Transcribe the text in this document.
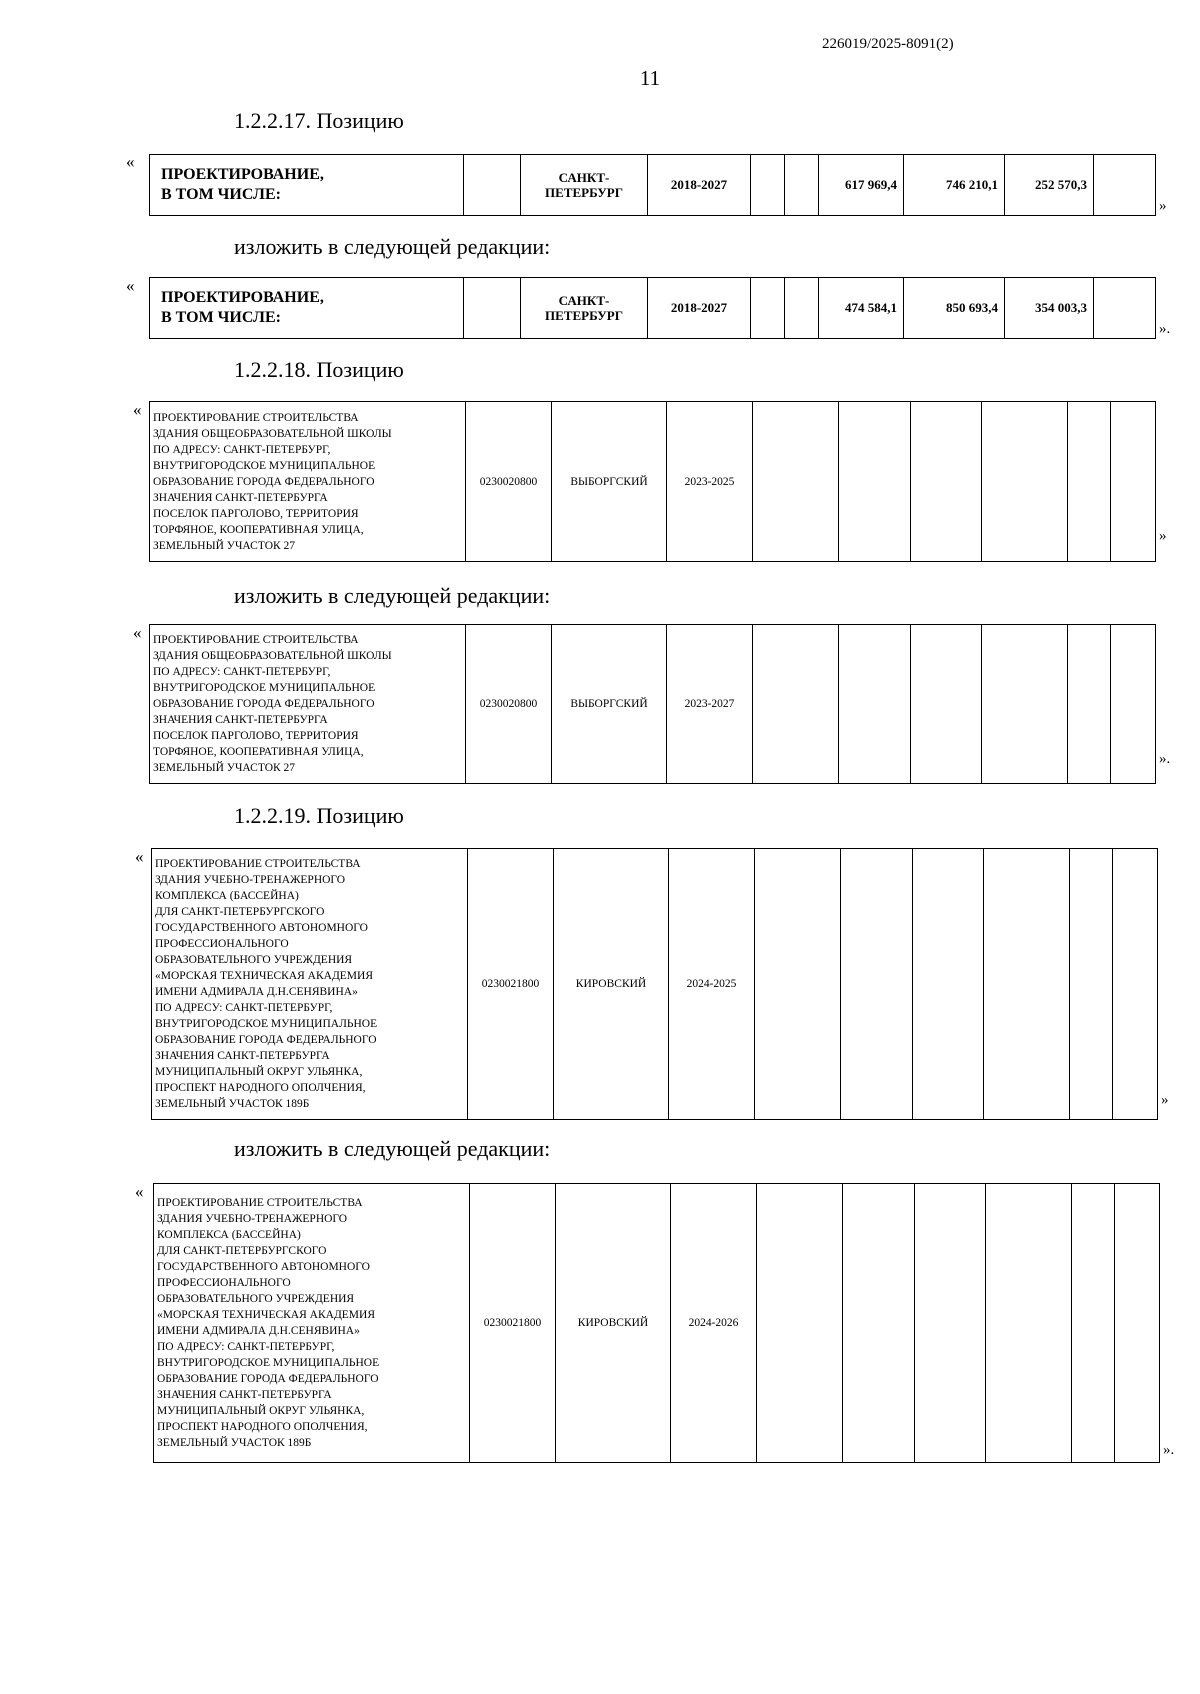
226019/2025-8091(2)
11
1.2.2.17. Позицию
«
ПРОЕКТИРОВАНИЕ,
В ТОМ ЧИСЛЕ:

САНКТ-
ПЕТЕРБУРГ
	2018-2027			617 969,4	746 210,1	252 570,3	
»
изложить в следующей редакции:
«
ПРОЕКТИРОВАНИЕ,
В ТОМ ЧИСЛЕ:

САНКТ-
ПЕТЕРБУРГ
	2018-2027			474 584,1	850 693,4	354 003,3	
».
1.2.2.18. Позицию
« ПРОЕКТИРОВАНИЕ СТРОИТЕЛЬСТВА
ЗДАНИЯ ОБЩЕОБРАЗОВАТЕЛЬНОЙ ШКОЛЫ
ПО АДРЕСУ: САНКТ-ПЕТЕРБУРГ,
ВНУТРИГОРОДСКОЕ МУНИЦИПАЛЬНОЕ
ОБРАЗОВАНИЕ ГОРОДА ФЕДЕРАЛЬНОГО
ЗНАЧЕНИЯ САНКТ-ПЕТЕРБУРГА
ПОСЕЛОК ПАРГОЛОВО, ТЕРРИТОРИЯ
ТОРФЯНОЕ, КООПЕРАТИВНАЯ УЛИЦА,
ЗЕМЕЛЬНЫЙ УЧАСТОК 27
	0230020800	ВЫБОРГСКИЙ	2023-2025						
»
изложить в следующей редакции:
« ПРОЕКТИРОВАНИЕ СТРОИТЕЛЬСТВА
ЗДАНИЯ ОБЩЕОБРАЗОВАТЕЛЬНОЙ ШКОЛЫ
ПО АДРЕСУ: САНКТ-ПЕТЕРБУРГ,
ВНУТРИГОРОДСКОЕ МУНИЦИПАЛЬНОЕ
ОБРАЗОВАНИЕ ГОРОДА ФЕДЕРАЛЬНОГО
ЗНАЧЕНИЯ САНКТ-ПЕТЕРБУРГА
ПОСЕЛОК ПАРГОЛОВО, ТЕРРИТОРИЯ
ТОРФЯНОЕ, КООПЕРАТИВНАЯ УЛИЦА,
ЗЕМЕЛЬНЫЙ УЧАСТОК 27
	0230020800	ВЫБОРГСКИЙ	2023-2027						
».
1.2.2.19. Позицию
« ПРОЕКТИРОВАНИЕ СТРОИТЕЛЬСТВА
ЗДАНИЯ УЧЕБНО-ТРЕНАЖЕРНОГО
КОМПЛЕКСА (БАССЕЙНА)
ДЛЯ САНКТ-ПЕТЕРБУРГСКОГО
ГОСУДАРСТВЕННОГО АВТОНОМНОГО
ПРОФЕССИОНАЛЬНОГО
ОБРАЗОВАТЕЛЬНОГО УЧРЕЖДЕНИЯ
«МОРСКАЯ ТЕХНИЧЕСКАЯ АКАДЕМИЯ
ИМЕНИ АДМИРАЛА Д.Н.СЕНЯВИНА»
ПО АДРЕСУ: САНКТ-ПЕТЕРБУРГ,
ВНУТРИГОРОДСКОЕ МУНИЦИПАЛЬНОЕ
ОБРАЗОВАНИЕ ГОРОДА ФЕДЕРАЛЬНОГО
ЗНАЧЕНИЯ САНКТ-ПЕТЕРБУРГА
МУНИЦИПАЛЬНЫЙ ОКРУГ УЛЬЯНКА,
ПРОСПЕКТ НАРОДНОГО ОПОЛЧЕНИЯ,
ЗЕМЕЛЬНЫЙ УЧАСТОК 189Б
	0230021800	КИРОВСКИЙ	2024-2025						
»
изложить в следующей редакции:
«
ПРОЕКТИРОВАНИЕ СТРОИТЕЛЬСТВА
ЗДАНИЯ УЧЕБНО-ТРЕНАЖЕРНОГО
КОМПЛЕКСА (БАССЕЙНА)
ДЛЯ САНКТ-ПЕТЕРБУРГСКОГО
ГОСУДАРСТВЕННОГО АВТОНОМНОГО
ПРОФЕССИОНАЛЬНОГО
ОБРАЗОВАТЕЛЬНОГО УЧРЕЖДЕНИЯ
«МОРСКАЯ ТЕХНИЧЕСКАЯ АКАДЕМИЯ
ИМЕНИ АДМИРАЛА Д.Н.СЕНЯВИНА»
ПО АДРЕСУ: САНКТ-ПЕТЕРБУРГ,
ВНУТРИГОРОДСКОЕ МУНИЦИПАЛЬНОЕ
ОБРАЗОВАНИЕ ГОРОДА ФЕДЕРАЛЬНОГО
ЗНАЧЕНИЯ САНКТ-ПЕТЕРБУРГА
МУНИЦИПАЛЬНЫЙ ОКРУГ УЛЬЯНКА,
ПРОСПЕКТ НАРОДНОГО ОПОЛЧЕНИЯ,
ЗЕМЕЛЬНЫЙ УЧАСТОК 189Б
	0230021800	КИРОВСКИЙ	2024-2026						
».
